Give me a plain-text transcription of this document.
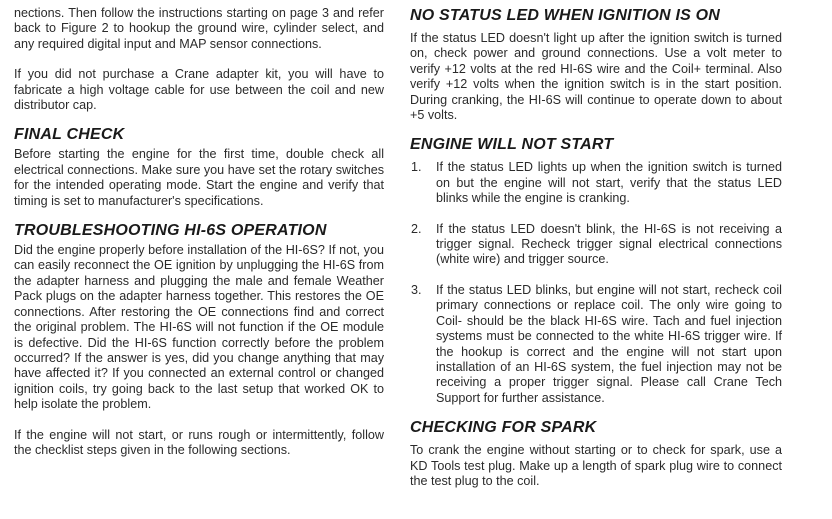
nections. Then follow the instructions starting on page 3 and refer back to Figure 2 to hookup the ground wire, cylinder select, and any required digital input and MAP sensor connections.

If you did not purchase a Crane adapter kit, you will have to fabricate a high voltage cable for use between the coil and new distributor cap.

FINAL CHECK

Before starting the engine for the first time, double check all electrical connections. Make sure you have set the rotary switches for the intended operating mode. Start the engine and verify that timing is set to manufacturer's specifications.

TROUBLESHOOTING HI-6S OPERATION

Did the engine properly before installation of the HI-6S? If not, you can easily reconnect the OE ignition by unplugging the HI-6S from the adapter harness and plugging the male and female Weather Pack plugs on the adapter harness together. This restores the OE connections. After restoring the OE connections find and correct the original problem. The HI-6S will not function if the OE module is defective. Did the HI-6S function correctly before the problem occurred? If the answer is yes, did you change anything that may have affected it? If you connected an external control or changed ignition coils, try going back to the last setup that worked OK to help isolate the problem.

If the engine will not start, or runs rough or intermittently, follow the checklist steps given in the following sections.

NO STATUS LED WHEN IGNITION IS ON

If the status LED doesn't light up after the ignition switch is turned on, check power and ground connections. Use a volt meter to verify +12 volts at the red HI-6S wire and the Coil+ terminal. Also verify +12 volts when the ignition switch is in the start position. During cranking, the HI-6S will continue to operate down to about +5 volts.

ENGINE WILL NOT START
1. If the status LED lights up when the ignition switch is turned on but the engine will not start, verify that the status LED blinks while the engine is cranking.

2. If the status LED doesn't blink, the HI-6S is not receiving a trigger signal. Recheck trigger signal electrical connections (white wire) and trigger source.

3. If the status LED blinks, but engine will not start, recheck coil primary connections or replace coil. The only wire going to Coil- should be the black HI-6S wire. Tach and fuel injection systems must be connected to the white HI-6S trigger wire. If the hookup is correct and the engine will not start upon installation of an HI-6S system, the fuel injection may not be receiving a proper trigger signal. Please call Crane Tech Support for further assistance.

CHECKING FOR SPARK

To crank the engine without starting or to check for spark, use a KD Tools test plug. Make up a length of spark plug wire to connect the test plug to the coil.
